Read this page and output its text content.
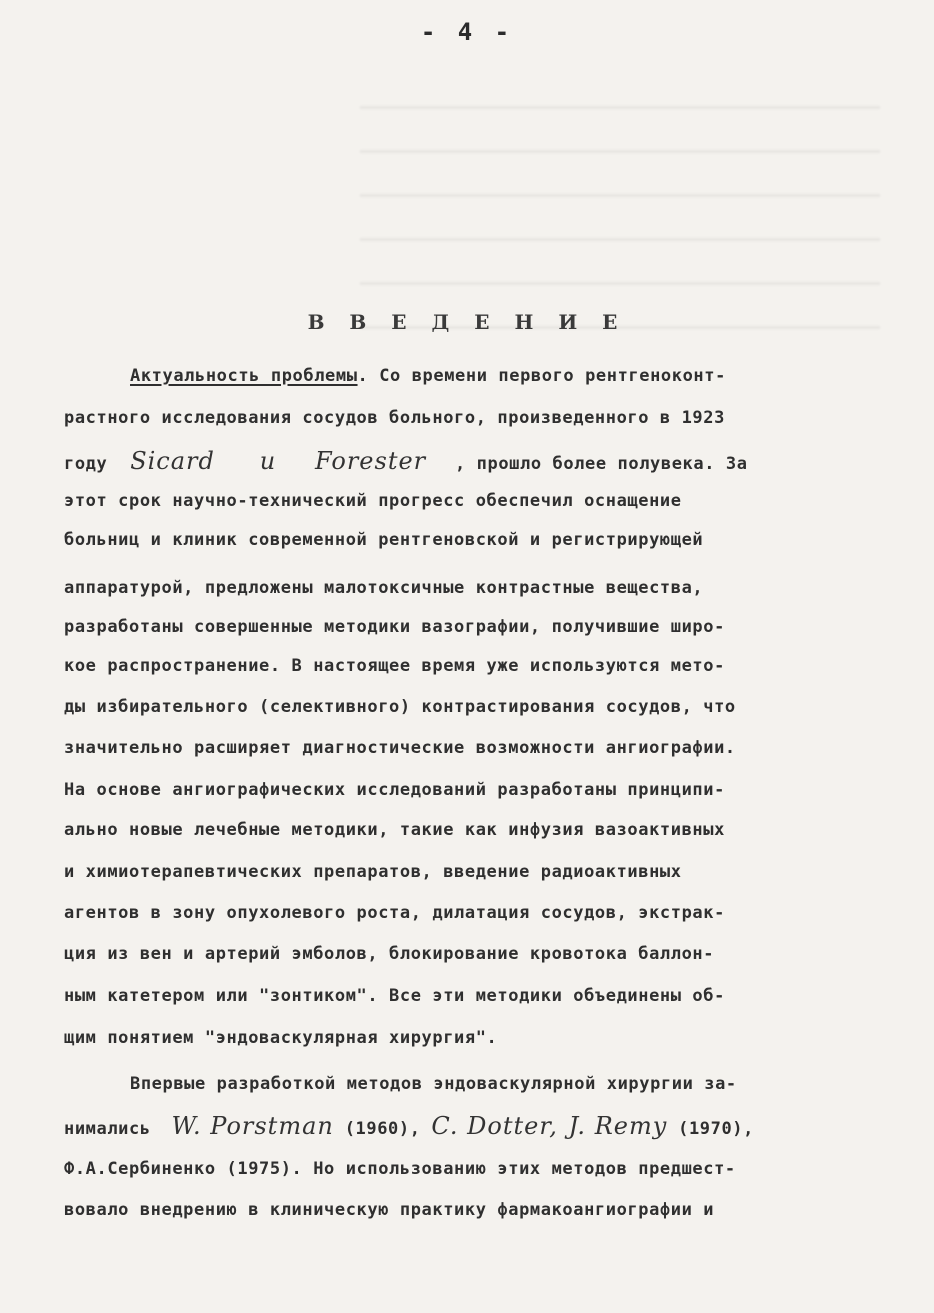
- 4 -
В В Е Д Е Н И Е
Актуальность проблемы. Со времени первого рентгеноконт-
растного исследования сосудов больного, произведенного в 1923
году Sicard и Forester , прошло более полувека. За
этот срок научно-технический прогресс обеспечил оснащение
больниц и клиник современной рентгеновской и регистрирующей
аппаратурой, предложены малотоксичные контрастные вещества,
разработаны совершенные методики вазографии, получившие широ-
кое распространение. В настоящее время уже используются мето-
ды избирательного (селективного) контрастирования сосудов, что
значительно расширяет диагностические возможности ангиографии.
На основе ангиографических исследований разработаны принципи-
ально новые лечебные методики, такие как инфузия вазоактивных
и химиотерапевтических препаратов, введение радиоактивных
агентов в зону опухолевого роста, дилатация сосудов, экстрак-
ция из вен и артерий эмболов, блокирование кровотока баллон-
ным катетером или "зонтиком". Все эти методики объединены об-
щим понятием "эндоваскулярная хирургия".
Впервые разработкой методов эндоваскулярной хирургии за-
нимались W. Porstman (1960), C. Dotter, J. Remy (1970),
Ф.А.Сербиненко (1975). Но использованию этих методов предшест-
вовало внедрению в клиническую практику фармакоангиографии и
